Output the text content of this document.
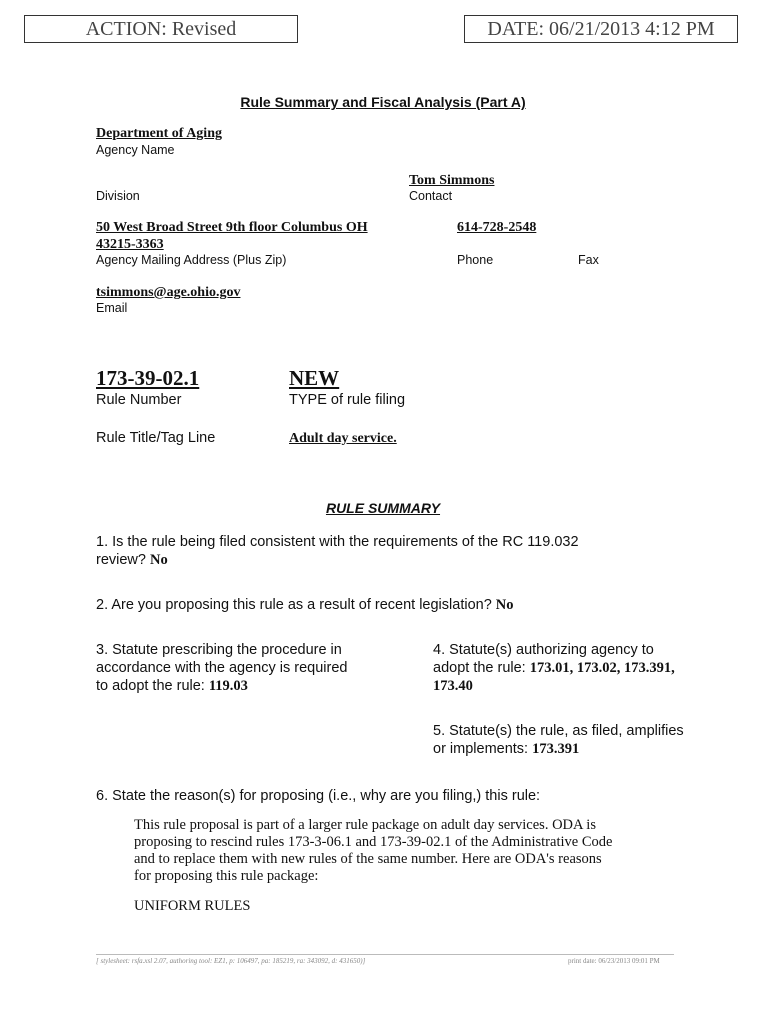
ACTION: Revised	DATE: 06/21/2013 4:12 PM
Rule Summary and Fiscal Analysis (Part A)
Department of Aging
Agency Name
Tom Simmons
Division	Contact
50 West Broad Street 9th floor Columbus OH
43215-3363
614-728-2548
Agency Mailing Address (Plus Zip)	Phone	Fax
tsimmons@age.ohio.gov
Email
173-39-02.1	NEW
Rule Number	TYPE of rule filing
Rule Title/Tag Line	Adult day service.
RULE SUMMARY
1. Is the rule being filed consistent with the requirements of the RC 119.032
review? No
2. Are you proposing this rule as a result of recent legislation? No
3. Statute prescribing the procedure in
accordance with the agency is required
to adopt the rule: 119.03
4. Statute(s) authorizing agency to
adopt the rule: 173.01, 173.02, 173.391,
173.40
5. Statute(s) the rule, as filed, amplifies
or implements: 173.391
6. State the reason(s) for proposing (i.e., why are you filing,) this rule:
This rule proposal is part of a larger rule package on adult day services. ODA is
proposing to rescind rules 173-3-06.1 and 173-39-02.1 of the Administrative Code
and to replace them with new rules of the same number. Here are ODA's reasons
for proposing this rule package:
UNIFORM RULES
[ stylesheet: rsfa.xsl 2.07, authoring tool: EZ1, p: 106497, pa: 185219, ra: 343092, d: 431650)]	print date: 06/23/2013 09:01 PM
